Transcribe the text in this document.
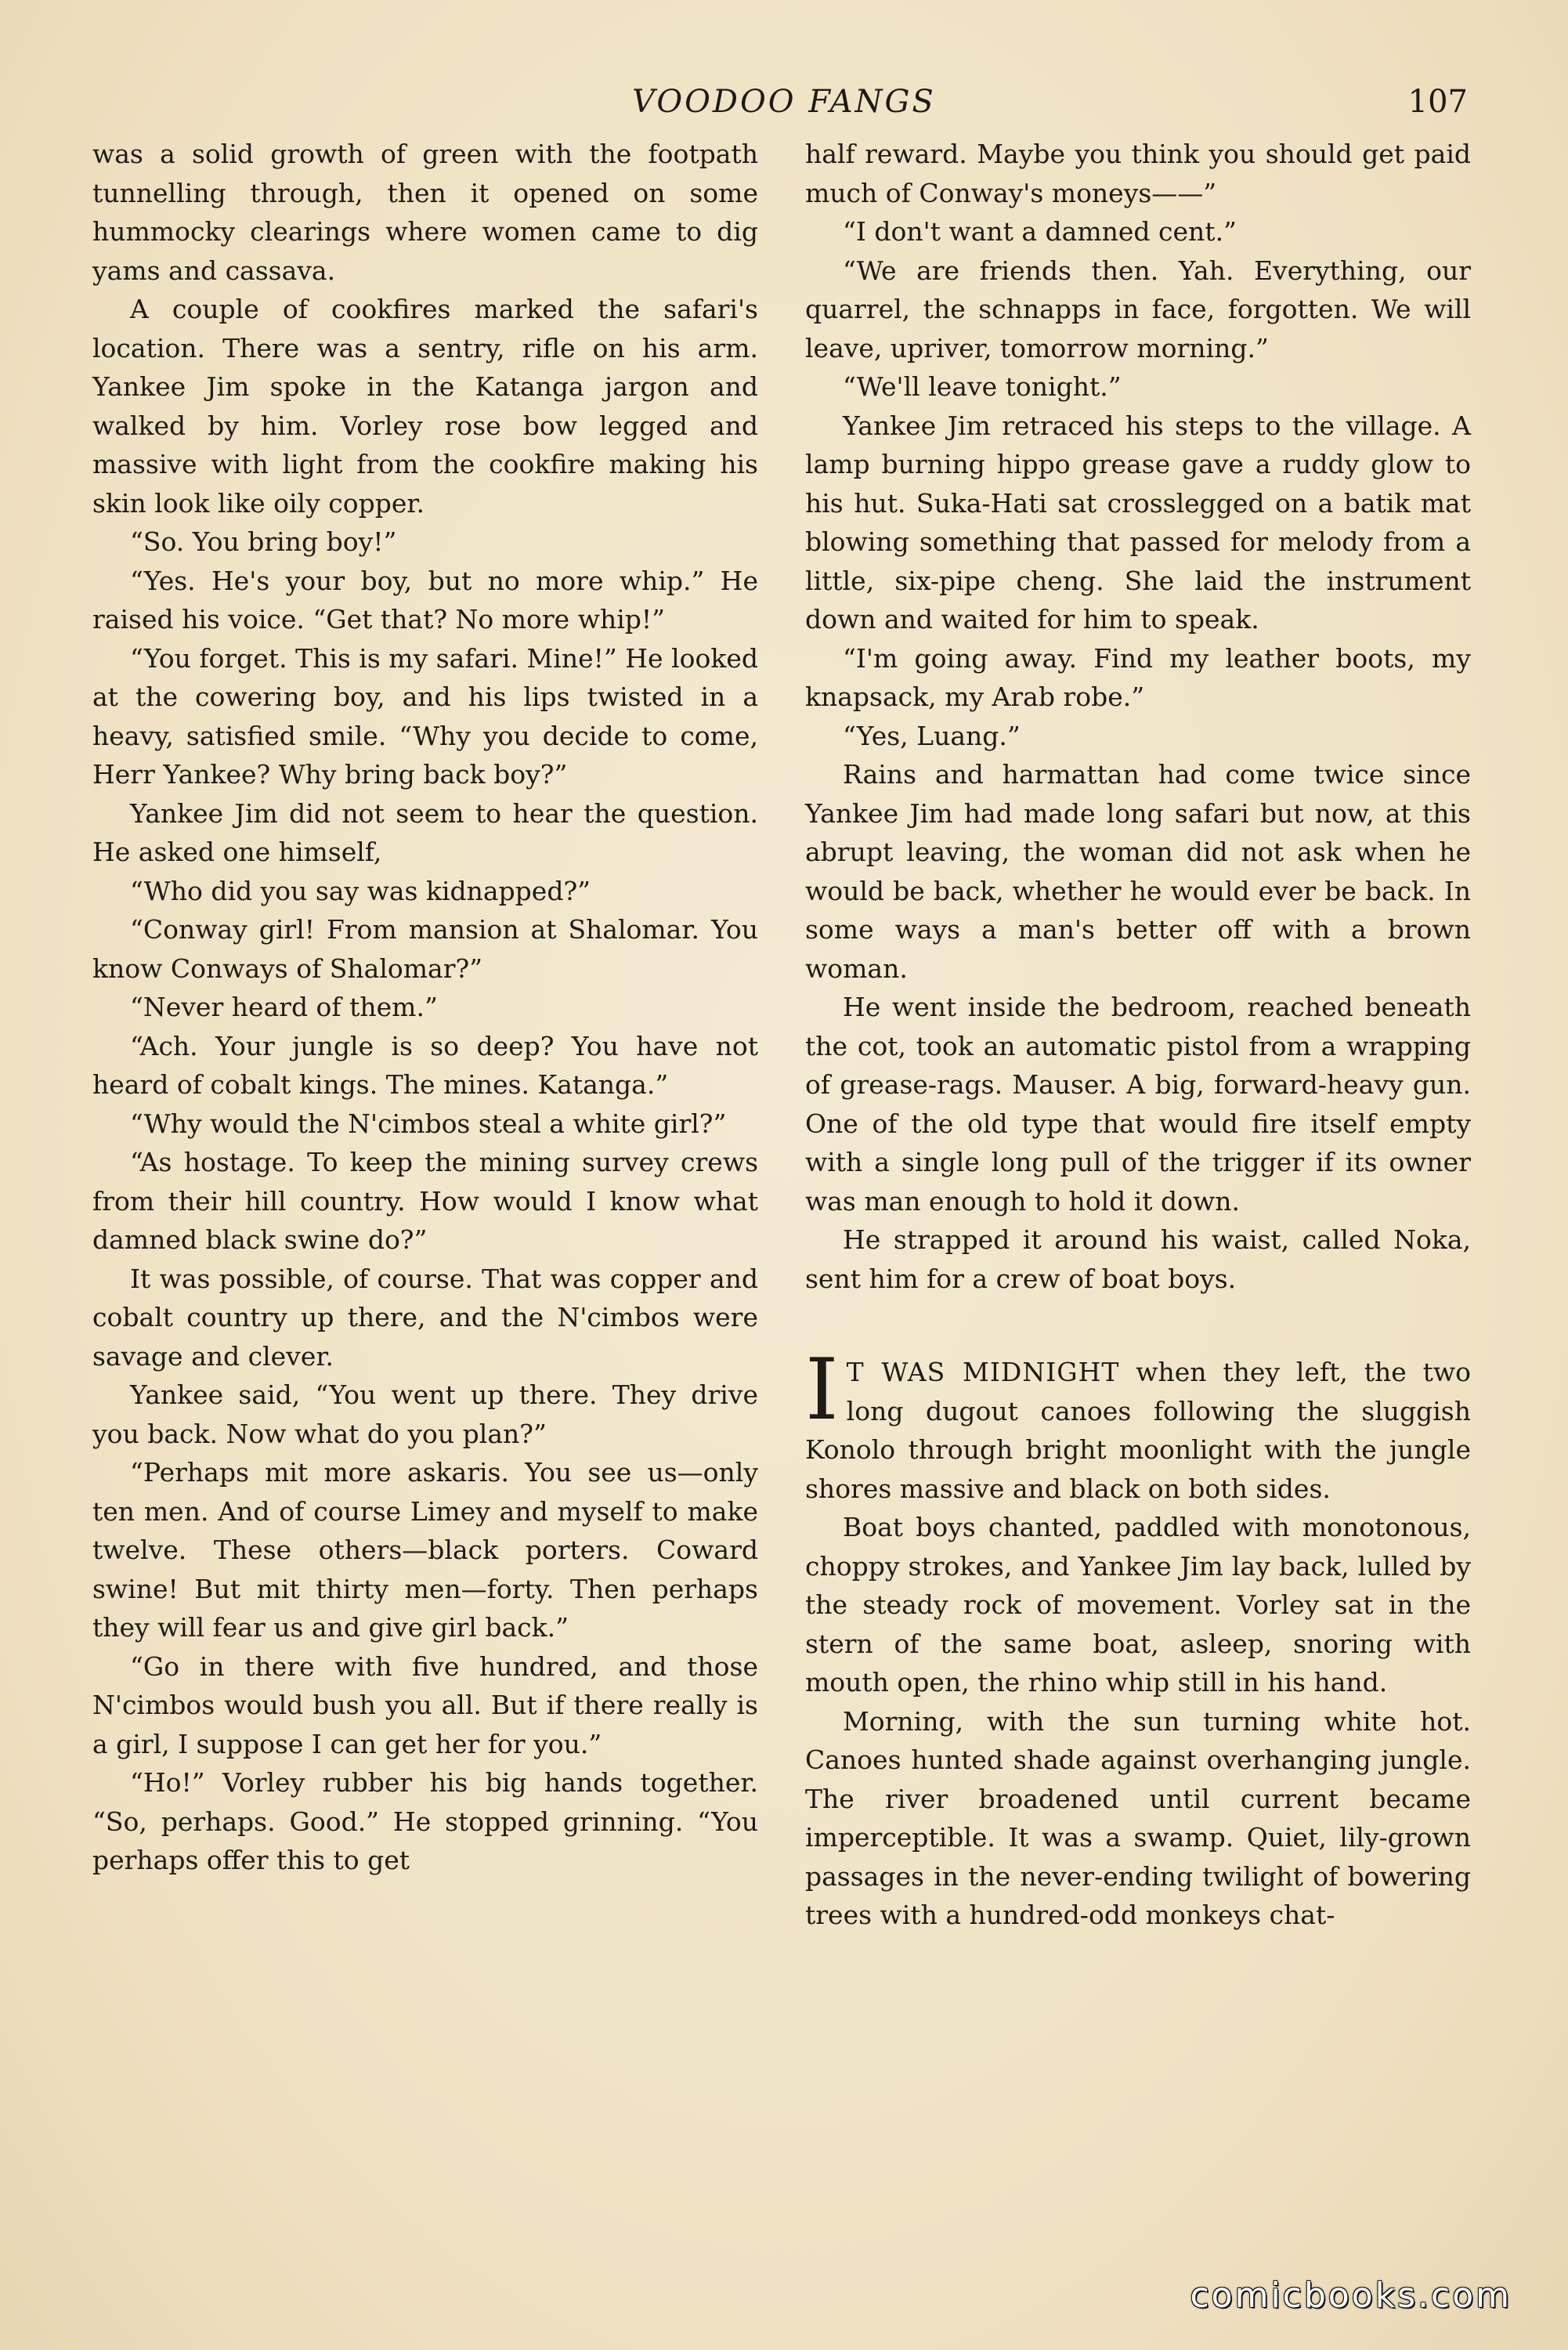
VOODOO FANGS	107

was a solid growth of green with the footpath tunnelling through, then it opened on some hummocky clearings where women came to dig yams and cassava.

A couple of cookfires marked the safari's location. There was a sentry, rifle on his arm. Yankee Jim spoke in the Katanga jargon and walked by him. Vorley rose bow legged and massive with light from the cookfire making his skin look like oily copper.

“So. You bring boy!”

“Yes. He's your boy, but no more whip.” He raised his voice. “Get that? No more whip!”

“You forget. This is my safari. Mine!” He looked at the cowering boy, and his lips twisted in a heavy, satisfied smile. “Why you decide to come, Herr Yankee? Why bring back boy?”

Yankee Jim did not seem to hear the question. He asked one himself,

“Who did you say was kidnapped?”

“Conway girl! From mansion at Shalomar. You know Conways of Shalomar?”

“Never heard of them.”

“Ach. Your jungle is so deep? You have not heard of cobalt kings. The mines. Katanga.”

“Why would the N'cimbos steal a white girl?”

“As hostage. To keep the mining survey crews from their hill country. How would I know what damned black swine do?”

It was possible, of course. That was copper and cobalt country up there, and the N'cimbos were savage and clever.

Yankee said, “You went up there. They drive you back. Now what do you plan?”

“Perhaps mit more askaris. You see us—only ten men. And of course Limey and myself to make twelve. These others—black porters. Coward swine! But mit thirty men—forty. Then perhaps they will fear us and give girl back.”

“Go in there with five hundred, and those N'cimbos would bush you all. But if there really is a girl, I suppose I can get her for you.”

“Ho!” Vorley rubber his big hands together. “So, perhaps. Good.” He stopped grinning. “You perhaps offer this to get

half reward. Maybe you think you should get paid much of Conway's moneys——”

“I don't want a damned cent.”

“We are friends then. Yah. Everything, our quarrel, the schnapps in face, forgotten. We will leave, upriver, tomorrow morning.”

“We'll leave tonight.”

Yankee Jim retraced his steps to the village. A lamp burning hippo grease gave a ruddy glow to his hut. Suka-Hati sat crosslegged on a batik mat blowing something that passed for melody from a little, six-pipe cheng. She laid the instrument down and waited for him to speak.

“I'm going away. Find my leather boots, my knapsack, my Arab robe.”

“Yes, Luang.”

Rains and harmattan had come twice since Yankee Jim had made long safari but now, at this abrupt leaving, the woman did not ask when he would be back, whether he would ever be back. In some ways a man's better off with a brown woman.

He went inside the bedroom, reached beneath the cot, took an automatic pistol from a wrapping of grease-rags. Mauser. A big, forward-heavy gun. One of the old type that would fire itself empty with a single long pull of the trigger if its owner was man enough to hold it down.

He strapped it around his waist, called Noka, sent him for a crew of boat boys.

I T WAS MIDNIGHT when they left, the two long dugout canoes following the sluggish Konolo through bright moonlight with the jungle shores massive and black on both sides.

Boat boys chanted, paddled with monotonous, choppy strokes, and Yankee Jim lay back, lulled by the steady rock of movement. Vorley sat in the stern of the same boat, asleep, snoring with mouth open, the rhino whip still in his hand.

Morning, with the sun turning white hot. Canoes hunted shade against overhanging jungle. The river broadened until current became imperceptible. It was a swamp. Quiet, lily-grown passages in the never-ending twilight of bowering trees with a hundred-odd monkeys chat-

comicbooks.com
